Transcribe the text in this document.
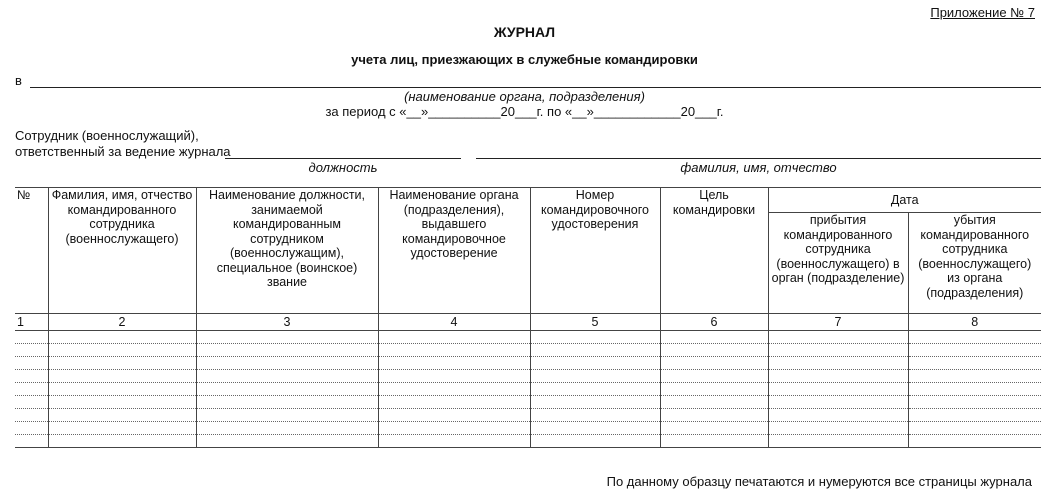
Приложение № 7
ЖУРНАЛ
учета лиц, приезжающих в служебные командировки
в
(наименование органа, подразделения)
за период с «__»__________20___г. по «__»____________20___г.
Сотрудник (военнослужащий),
ответственный за ведение журнала
должность	фамилия, имя, отчество
№	Фамилия, имя, отчество командированного сотрудника (военнослужащего)	Наименование должности, занимаемой командированным сотрудником (военнослужащим), специальное (воинское) звание	Наименование органа (подразделения), выдавшего командировочное удостоверение	Номер командировочного удостоверения	Цель командировки	Дата	
						прибытия командированного сотрудника (военнослужащего) в орган (подразделение)	убытия командированного сотрудника (военнослужащего) из органа (подразделения)
1	2	3	4	5	6	7	8

По данному образцу печатаются и нумеруются все страницы журнала
